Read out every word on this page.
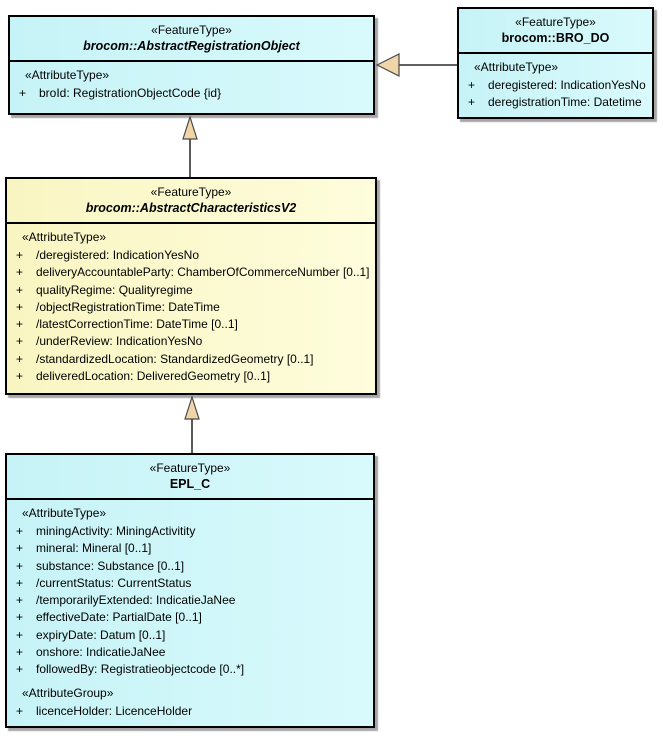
«FeatureType»
brocom::AbstractRegistrationObject
«AttributeType»
+	broId: RegistrationObjectCode {id}
«FeatureType»
brocom::BRO_DO
«AttributeType»
+	deregistered: IndicationYesNo
+	deregistrationTime: Datetime
«FeatureType»
brocom::AbstractCharacteristicsV2
«AttributeType»
+	/deregistered: IndicationYesNo
+	deliveryAccountableParty: ChamberOfCommerceNumber [0..1]
+	qualityRegime: Qualityregime
+	/objectRegistrationTime: DateTime
+	/latestCorrectionTime: DateTime [0..1]
+	/underReview: IndicationYesNo
+	/standardizedLocation: StandardizedGeometry [0..1]
+	deliveredLocation: DeliveredGeometry [0..1]
«FeatureType»
EPL_C
«AttributeType»
+	miningActivity: MiningActivitity
+	mineral: Mineral [0..1]
+	substance: Substance [0..1]
+	/currentStatus: CurrentStatus
+	/temporarilyExtended: IndicatieJaNee
+	effectiveDate: PartialDate [0..1]
+	expiryDate: Datum [0..1]
+	onshore: IndicatieJaNee
+	followedBy: Registratieobjectcode [0..*]
«AttributeGroup»
+	licenceHolder: LicenceHolder
